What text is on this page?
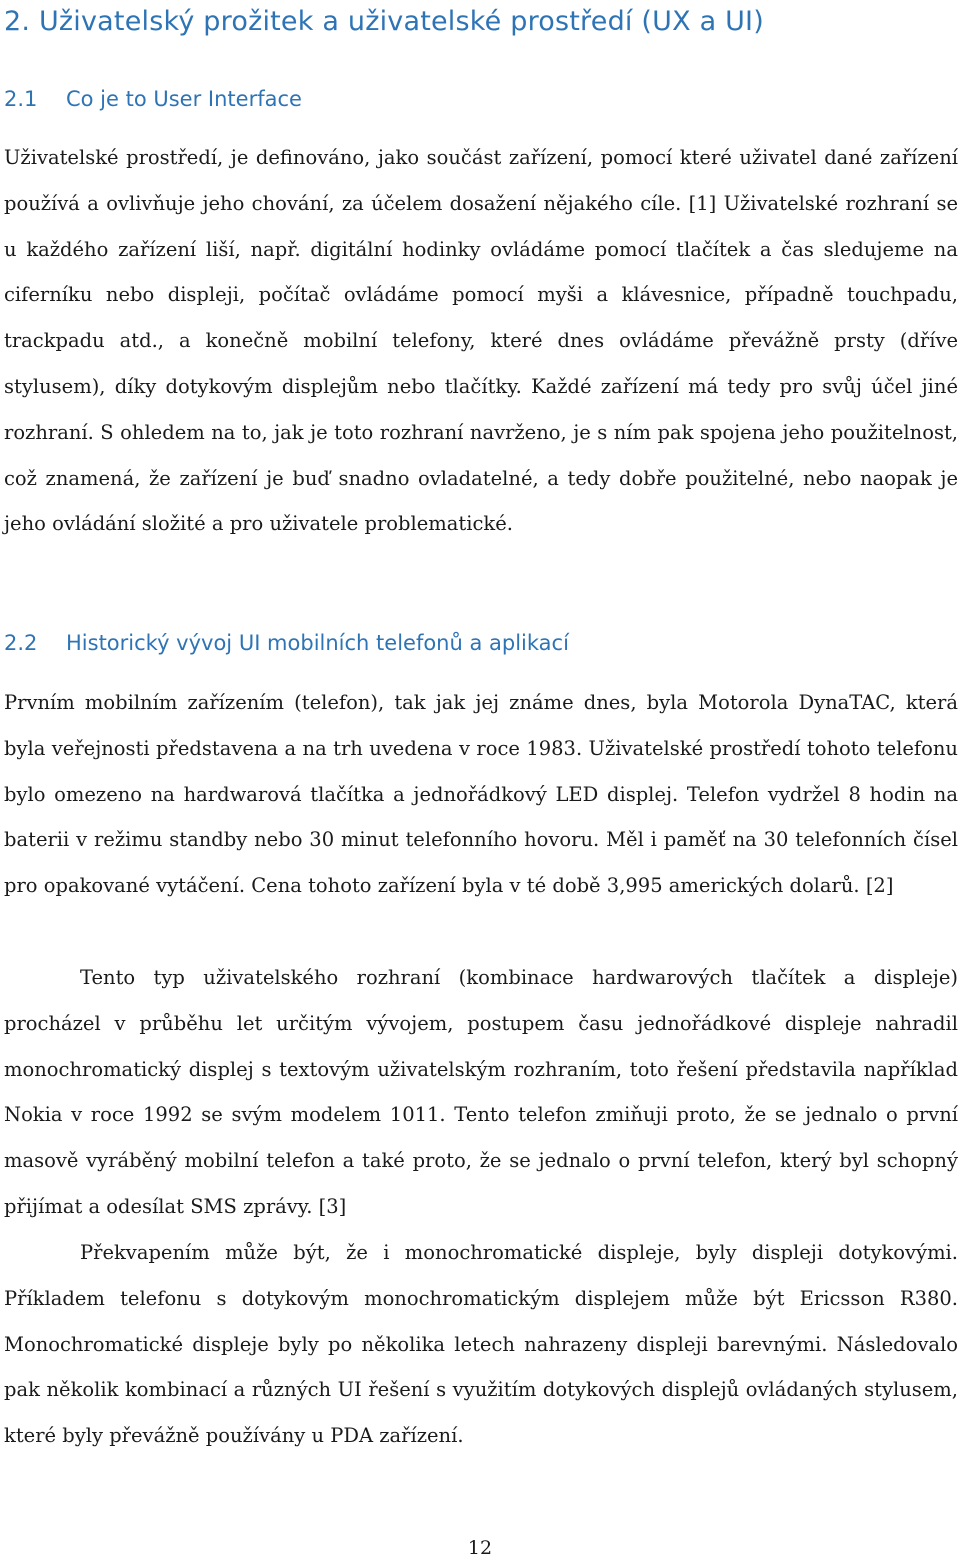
2. Uživatelský prožitek a uživatelské prostředí (UX a UI)
2.1 Co je to User Interface

Uživatelské prostředí, je definováno, jako součást zařízení, pomocí které uživatel dané zařízení používá a ovlivňuje jeho chování, za účelem dosažení nějakého cíle. [1] Uživatelské rozhraní se u každého zařízení liší, např. digitální hodinky ovládáme pomocí tlačítek a čas sledujeme na ciferníku nebo displeji, počítač ovládáme pomocí myši a klávesnice, případně touchpadu, trackpadu atd., a konečně mobilní telefony, které dnes ovládáme převážně prsty (dříve stylusem), díky dotykovým displejům nebo tlačítky. Každé zařízení má tedy pro svůj účel jiné rozhraní. S ohledem na to, jak je toto rozhraní navrženo, je s ním pak spojena jeho použitelnost, což znamená, že zařízení je buď snadno ovladatelné, a tedy dobře použitelné, nebo naopak je jeho ovládání složité a pro uživatele problematické.

2.2 Historický vývoj UI mobilních telefonů a aplikací

Prvním mobilním zařízením (telefon), tak jak jej známe dnes, byla Motorola DynaTAC, která byla veřejnosti představena a na trh uvedena v roce 1983. Uživatelské prostředí tohoto telefonu bylo omezeno na hardwarová tlačítka a jednořádkový LED displej. Telefon vydržel 8 hodin na baterii v režimu standby nebo 30 minut telefonního hovoru. Měl i paměť na 30 telefonních čísel pro opakované vytáčení. Cena tohoto zařízení byla v té době 3,995 amerických dolarů. [2]

Tento typ uživatelského rozhraní (kombinace hardwarových tlačítek a displeje) procházel v průběhu let určitým vývojem, postupem času jednořádkové displeje nahradil monochromatický displej s textovým uživatelským rozhraním, toto řešení představila například Nokia v roce 1992 se svým modelem 1011. Tento telefon zmiňuji proto, že se jednalo o první masově vyráběný mobilní telefon a také proto, že se jednalo o první telefon, který byl schopný přijímat a odesílat SMS zprávy. [3]

Překvapením může být, že i monochromatické displeje, byly displeji dotykovými. Příkladem telefonu s dotykovým monochromatickým displejem může být Ericsson R380. Monochromatické displeje byly po několika letech nahrazeny displeji barevnými. Následovalo pak několik kombinací a různých UI řešení s využitím dotykových displejů ovládaných stylusem, které byly převážně používány u PDA zařízení.

12
